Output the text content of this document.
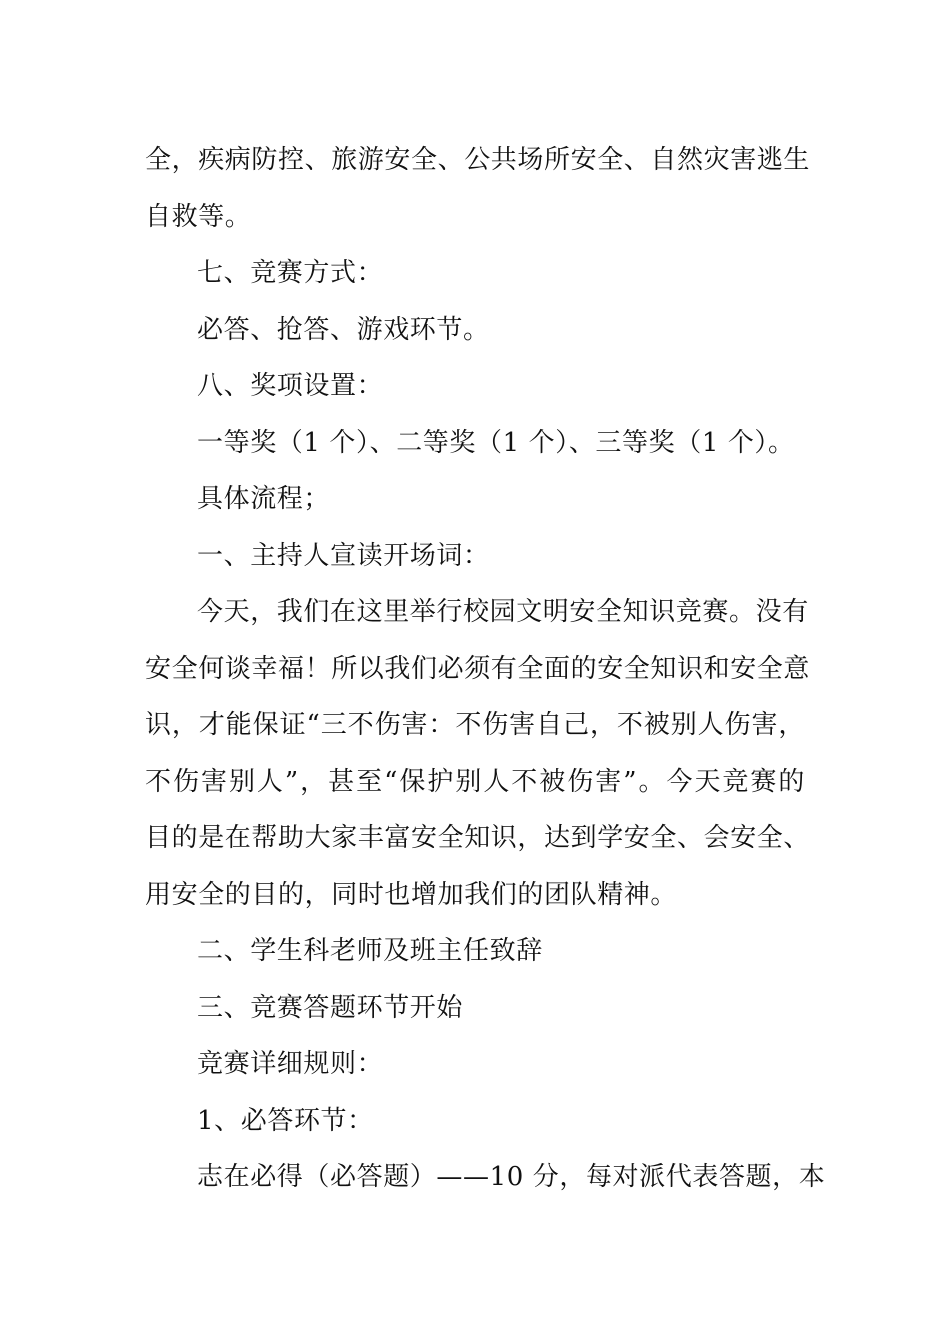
全，疾病防控、旅游安全、公共场所安全、自然灾害逃生
自救等。
七、竞赛方式：
必答、抢答、游戏环节。
八、奖项设置：
一等奖（1 个）、二等奖（1 个）、三等奖（1 个）。
具体流程；
一、主持人宣读开场词：
今天，我们在这里举行校园文明安全知识竞赛。没有
安全何谈幸福！所以我们必须有全面的安全知识和安全意
识，才能保证“三不伤害：不伤害自己，不被别人伤害，
不伤害别人”，甚至“保护别人不被伤害”。今天竞赛的
目的是在帮助大家丰富安全知识，达到学安全、会安全、
用安全的目的，同时也增加我们的团队精神。
二、学生科老师及班主任致辞
三、竞赛答题环节开始
竞赛详细规则：
1、必答环节：
志在必得（必答题）——10 分，每对派代表答题，本
